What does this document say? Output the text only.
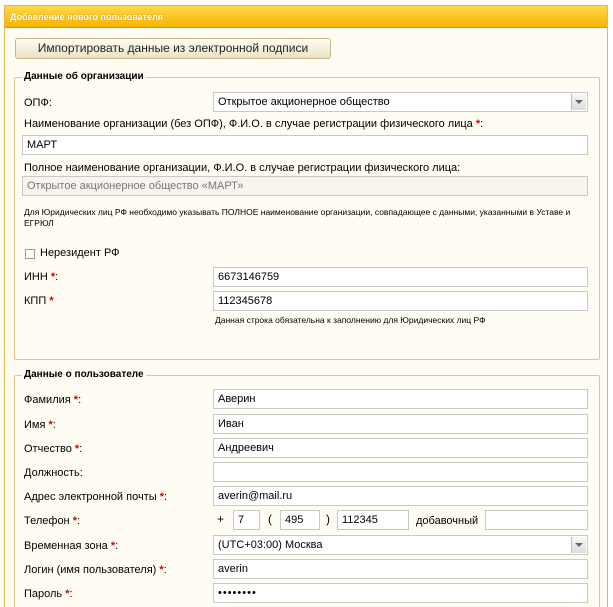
Добавление нового пользователя
Импортировать данные из электронной подписи
Данные об организации
ОПФ:	Открытое акционерное общество
Наименование организации (без ОПФ), Ф.И.О. в случае регистрации физического лица *:
МАРТ
Полное наименование организации, Ф.И.О. в случае регистрации физического лица:
Открытое акционерное общество «МАРТ»
Для Юридических лиц РФ необходимо указывать ПОЛНОЕ наименование организации, совпадающее с данными, указанными в Уставе и ЕГРЮЛ
Нерезидент РФ
ИНН *:	6673146759
КПП *	112345678
Данная строка обязательна к заполнению для Юридических лиц РФ
Данные о пользователе
Фамилия *:	Аверин
Имя *:	Иван
Отчество *:	Андреевич
Должность:
Адрес электронной почты *:	averin@mail.ru
Телефон *:	+	7	(	495	)	112345	добавочный
Временная зона *:	(UTC+03:00) Москва
Логин (имя пользователя) *:	averin
Пароль *:	••••••••
